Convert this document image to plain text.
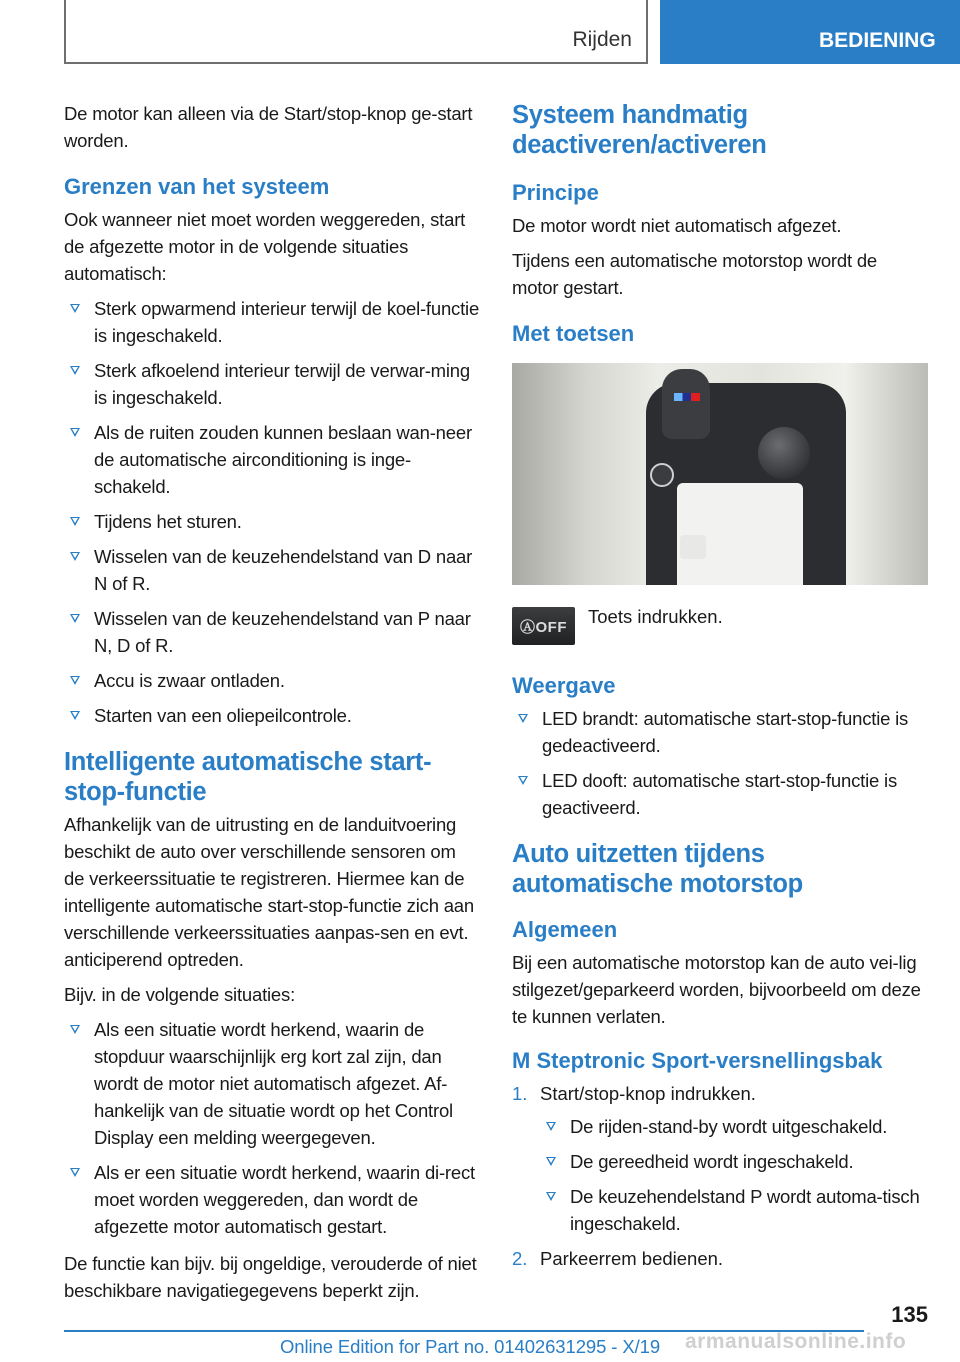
Rijden	BEDIENING

De motor kan alleen via de Start/stop-knop ge-start worden.

Grenzen van het systeem

Ook wanneer niet moet worden weggereden, start de afgezette motor in de volgende situaties automatisch:

Sterk opwarmend interieur terwijl de koel-functie is ingeschakeld.
Sterk afkoelend interieur terwijl de verwar-ming is ingeschakeld.
Als de ruiten zouden kunnen beslaan wan-neer de automatische airconditioning is inge-schakeld.
Tijdens het sturen.
Wisselen van de keuzehendelstand van D naar N of R.
Wisselen van de keuzehendelstand van P naar N, D of R.
Accu is zwaar ontladen.
Starten van een oliepeilcontrole.
Intelligente automatische start-stop-functie

Afhankelijk van de uitrusting en de landuitvoering beschikt de auto over verschillende sensoren om de verkeerssituatie te registreren. Hiermee kan de intelligente automatische start-stop-functie zich aan verschillende verkeerssituaties aanpas-sen en evt. anticiperend optreden.

Bijv. in de volgende situaties:

Als een situatie wordt herkend, waarin de stopduur waarschijnlijk erg kort zal zijn, dan wordt de motor niet automatisch afgezet. Af-hankelijk van de situatie wordt op het Control Display een melding weergegeven.
Als er een situatie wordt herkend, waarin di-rect moet worden weggereden, dan wordt de afgezette motor automatisch gestart.

De functie kan bijv. bij ongeldige, verouderde of niet beschikbare navigatiegegevens beperkt zijn.

Systeem handmatig deactiveren/activeren
Principe

De motor wordt niet automatisch afgezet.

Tijdens een automatische motorstop wordt de motor gestart.

Met toetsen
ⒶOFF	Toets indrukken.
Weergave
LED brandt: automatische start-stop-functie is gedeactiveerd.
LED dooft: automatische start-stop-functie is geactiveerd.
Auto uitzetten tijdens automatische motorstop
Algemeen

Bij een automatische motorstop kan de auto vei-lig stilgezet/geparkeerd worden, bijvoorbeeld om deze te kunnen verlaten.

M Steptronic Sport-versnellingsbak
1. Start/stop-knop indrukken.
De rijden-stand-by wordt uitgeschakeld.
De gereedheid wordt ingeschakeld.
De keuzehendelstand P wordt automa-tisch ingeschakeld.
2. Parkeerrem bedienen.
135
Online Edition for Part no. 01402631295 - X/19 armanualsonline.info
